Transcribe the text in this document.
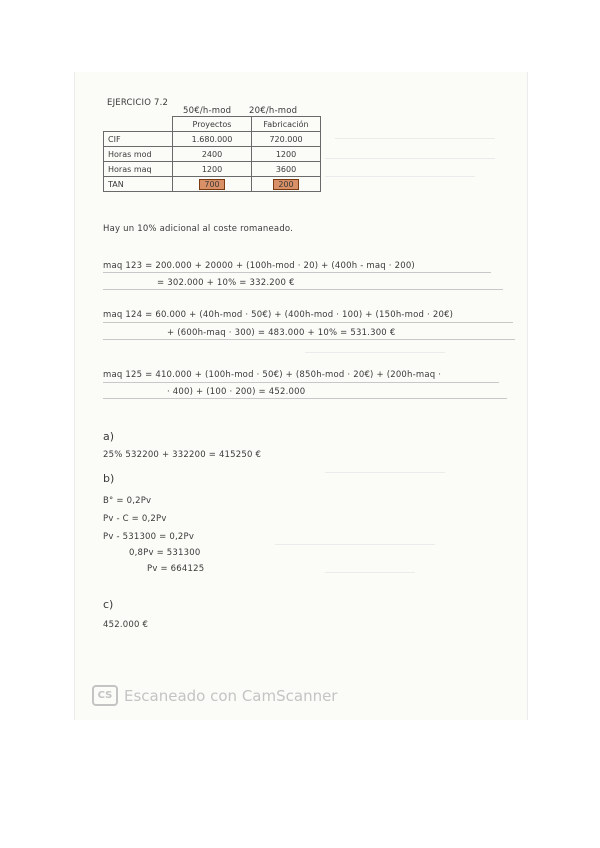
EJERCICIO 7.2
50€/h-mod 20€/h-mod
	Proyectos	Fabricación
CIF	1.680.000	720.000
Horas mod	2400	1200
Horas maq	1200	3600
TAN	700	200
Hay un 10% adicional al coste romaneado.
maq 123 = 200.000 + 20000 + (100h-mod · 20) + (400h - maq · 200)
= 302.000 + 10% = 332.200 €
maq 124 = 60.000 + (40h-mod · 50€) + (400h-mod · 100) + (150h-mod · 20€)
+ (600h-maq · 300) = 483.000 + 10% = 531.300 €
maq 125 = 410.000 + (100h-mod · 50€) + (850h-mod · 20€) + (200h-maq ·
· 400) + (100 · 200) = 452.000
a)
25% 532200 + 332200 = 415250 €
b)
B° = 0,2Pv
Pv - C = 0,2Pv
Pv - 531300 = 0,2Pv
0,8Pv = 531300
Pv = 664125
c)
452.000 €
CS Escaneado con CamScanner
